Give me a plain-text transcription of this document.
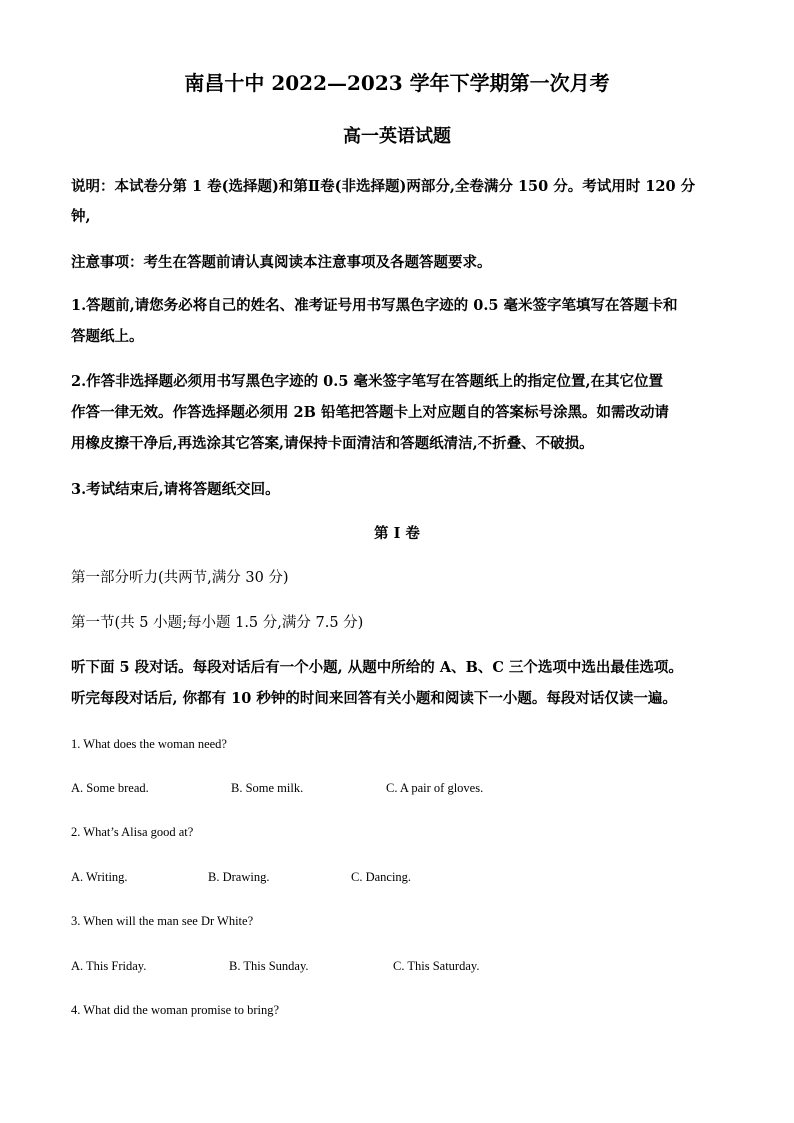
南昌十中 2022—2023 学年下学期第一次月考
高一英语试题
说明：本试卷分第 1 卷(选择题)和第Ⅱ卷(非选择题)两部分,全卷满分 150 分。考试用时 120 分
钟,
注意事项：考生在答题前请认真阅读本注意事项及各题答题要求。
1.答题前,请您务必将自己的姓名、准考证号用书写黑色字迹的 0.5 毫米签字笔填写在答题卡和
答题纸上。
2.作答非选择题必须用书写黑色字迹的 0.5 毫米签字笔写在答题纸上的指定位置,在其它位置
作答一律无效。作答选择题必须用 2B 铅笔把答题卡上对应题自的答案标号涂黑。如需改动请
用橡皮擦干净后,再选涂其它答案,请保持卡面清洁和答题纸清洁,不折叠、不破损。
3.考试结束后,请将答题纸交回。
第 I 卷
第一部分听力(共两节,满分 30 分)
第一节(共 5 小题;每小题 1.5 分,满分 7.5 分)
听下面 5 段对话。每段对话后有一个小题, 从题中所给的 A、B、C 三个选项中选出最佳选项。
听完每段对话后, 你都有 10 秒钟的时间来回答有关小题和阅读下一小题。每段对话仅读一遍。
1. What does the woman need?
A. Some bread.	B. Some milk.	C. A pair of gloves.
2. What’s Alisa good at?
A. Writing.	B. Drawing.	C. Dancing.
3. When will the man see Dr White?
A. This Friday.	B. This Sunday.	C. This Saturday.
4. What did the woman promise to bring?
